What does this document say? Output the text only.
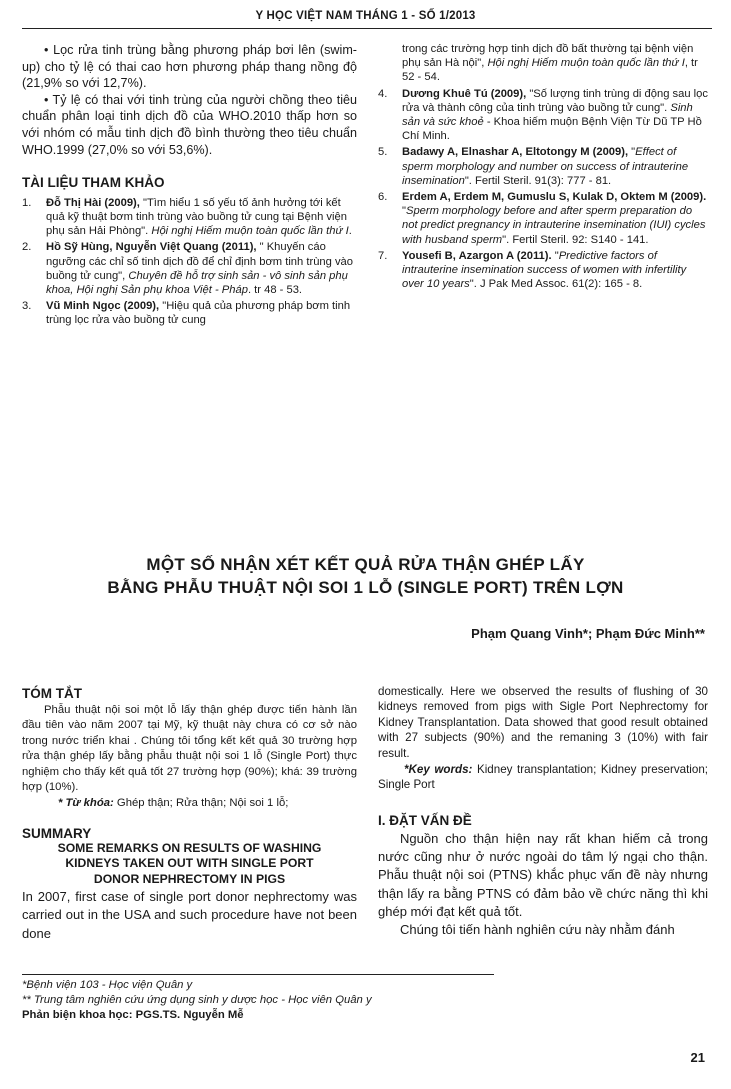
Y HỌC VIỆT NAM THÁNG 1 - SỐ 1/2013

• Lọc rửa tinh trùng bằng phương pháp bơi lên (swim-up) cho tỷ lệ có thai cao hơn phương pháp thang nồng độ (21,9% so với 12,7%).

• Tỷ lệ có thai với tinh trùng của người chồng theo tiêu chuẩn phân loại tinh dịch đồ của WHO.2010 thấp hơn so với nhóm có mẫu tinh dịch đồ bình thường theo tiêu chuẩn WHO.1999 (27,0% so với 53,6%).

TÀI LIỆU THAM KHẢO

1.	Đỗ Thị Hài (2009), "Tìm hiểu 1 số yếu tố ảnh hưởng tới kết quả kỹ thuật bơm tinh trùng vào buồng tử cung tại Bệnh viện phụ sản Hải Phòng". Hội nghị Hiếm muộn toàn quốc lần thứ I.

2.	Hồ Sỹ Hùng, Nguyễn Việt Quang (2011), " Khuyến cáo ngưỡng các chỉ số tinh dịch đồ để chỉ định bơm tinh trùng vào buồng tử cung", Chuyên đề hỗ trợ sinh sản - vô sinh sản phụ khoa, Hội nghị Sản phụ khoa Việt - Pháp. tr 48 - 53.

3.	Vũ Minh Ngọc (2009), "Hiệu quả của phương pháp bơm tinh trùng lọc rửa vào buồng tử cung

trong các trường hợp tinh dịch đồ bất thường tại bệnh viện phụ sản Hà nội", Hội nghị Hiếm muộn toàn quốc lần thứ I, tr 52 - 54.

4.	Dương Khuê Tú (2009), "Số lượng tinh trùng di động sau lọc rửa và thành công của tinh trùng vào buồng tử cung". Sinh sản và sức khoẻ - Khoa hiếm muộn Bệnh Viện Từ Dũ TP Hồ Chí Minh.

5.	Badawy A, Elnashar A, Eltotongy M (2009), "Effect of sperm morphology and number on success of intrauterine insemination". Fertil Steril. 91(3): 777 - 81.

6.	Erdem A, Erdem M, Gumuslu S, Kulak D, Oktem M (2009). "Sperm morphology before and after sperm preparation do not predict pregnancy in intrauterine insemination (IUI) cycles with husband sperm". Fertil Steril. 92: S140 - 141.

7.	Yousefi B, Azargon A (2011). "Predictive factors of intrauterine insemination success of women with infertility over 10 years". J Pak Med Assoc. 61(2): 165 - 8.

MỘT SỐ NHẬN XÉT KẾT QUẢ RỬA THẬN GHÉP LẤY
BẰNG PHẪU THUẬT NỘI SOI 1 LỖ (SINGLE PORT) TRÊN LỢN
Phạm Quang Vinh*; Phạm Đức Minh**
TÓM TẮT

Phẫu thuật nội soi một lỗ lấy thận ghép được tiến hành lần đầu tiên vào năm 2007 tại Mỹ, kỹ thuật này chưa có cơ sở nào trong nước triển khai . Chúng tôi tổng kết kết quả 30 trường hợp rửa thận ghép lấy bằng phẫu thuật nội soi 1 lỗ (Single Port) thực nghiệm cho thấy kết quả tốt 27 trường hợp (90%); khá: 39 trường hợp (10%).

* Từ khóa: Ghép thận; Rửa thận; Nội soi 1 lỗ;

SUMMARY
SOME REMARKS ON RESULTS OF WASHING
KIDNEYS TAKEN OUT WITH SINGLE PORT
DONOR NEPHRECTOMY IN PIGS

In 2007, first case of single port donor nephrectomy was carried out in the USA and such procedure have not been done

domestically. Here we observed the results of flushing of 30 kidneys removed from pigs with Sigle Port Nephrectomy for Kidney Transplantation. Data showed that good result obtained with 27 subjects (90%) and the remaning 3 (10%) with fair result.

*Key words: Kidney transplantation; Kidney preservation; Single Port

I. ĐẶT VẤN ĐỀ

Nguồn cho thận hiện nay rất khan hiếm cả trong nước cũng như ở nước ngoài do tâm lý ngại cho thận. Phẫu thuật nội soi (PTNS) khắc phục vấn đề này nhưng thận lấy ra bằng PTNS có đảm bảo về chức năng thì khi ghép mới đạt kết quả tốt.

Chúng tôi tiến hành nghiên cứu này nhằm đánh

*Bệnh viện 103 - Học viện Quân y
** Trung tâm nghiên cứu ứng dụng sinh y dược học - Học viên Quân y
Phản biện khoa học: PGS.TS. Nguyễn Mễ
21
